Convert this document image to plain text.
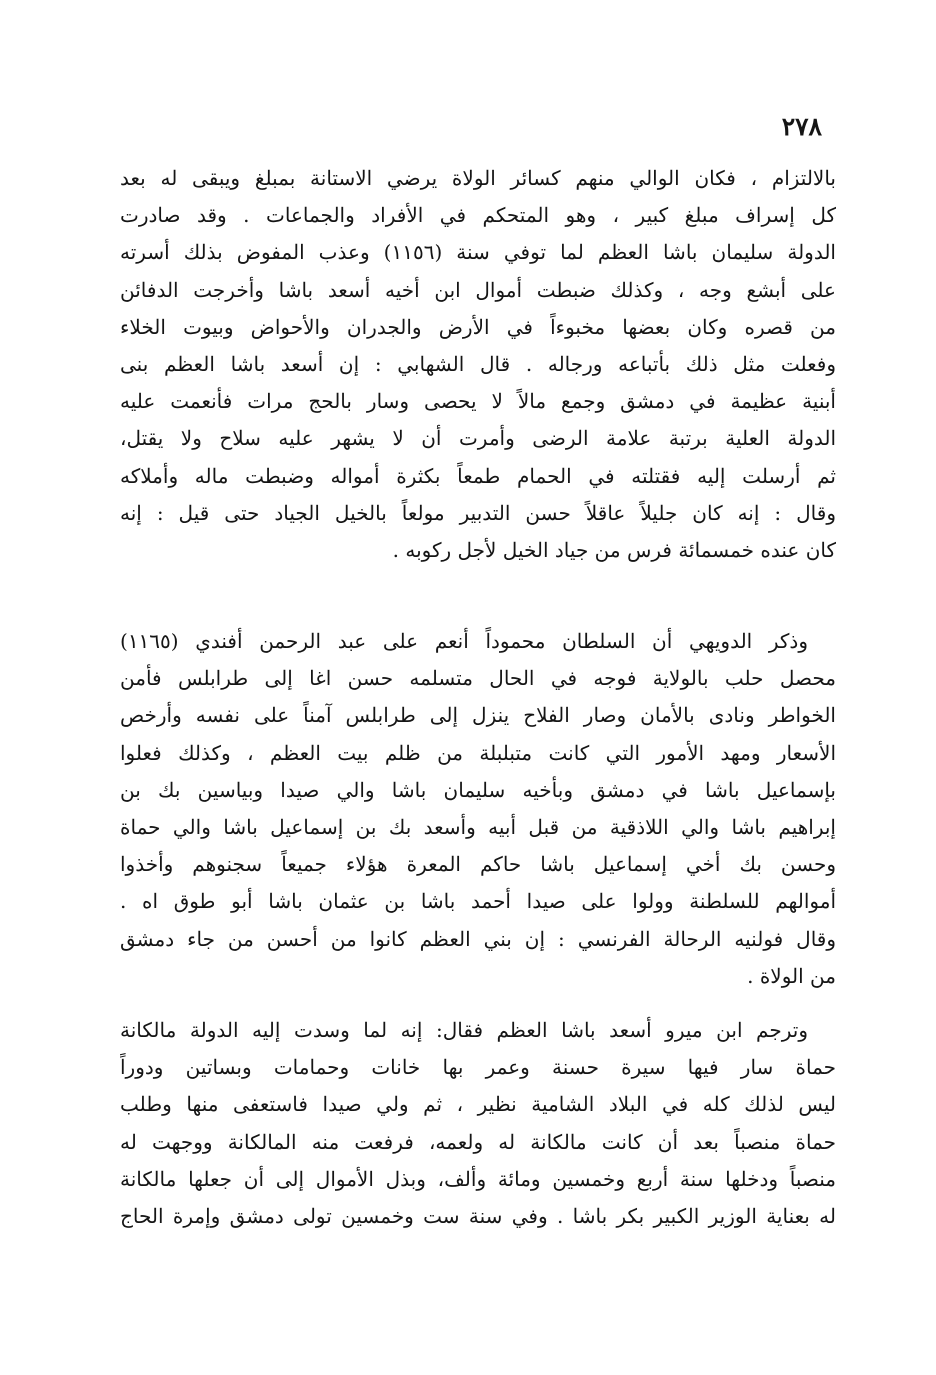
٢٧٨
بالالتزام ، فكان الوالي منهم كسائر الولاة يرضي الاستانة بمبلغ ويبقى له بعد
كل إسراف مبلغ كبير ، وهو المتحكم في الأفراد والجماعات . وقد صادرت
الدولة سليمان باشا العظم لما توفي سنة (١١٥٦) وعذب المفوض بذلك أسرته
على أبشع وجه ، وكذلك ضبطت أموال ابن أخيه أسعد باشا وأخرجت الدفائن
من قصره وكان بعضها مخبوءاً في الأرض والجدران والأحواض وبيوت الخلاء
وفعلت مثل ذلك بأتباعه ورجاله . قال الشهابي : إن أسعد باشا العظم بنى
أبنية عظيمة في دمشق وجمع مالاً لا يحصى وسار بالحج مرات فأنعمت عليه
الدولة العلية برتبة علامة الرضى وأمرت أن لا يشهر عليه سلاح ولا يقتل،
ثم أرسلت إليه فقتلته في الحمام طمعاً بكثرة أمواله وضبطت ماله وأملاكه
وقال : إنه كان جليلاً عاقلاً حسن التدبير مولعاً بالخيل الجياد حتى قيل : إنه
كان عنده خمسمائة فرس من جياد الخيل لأجل ركوبه .
وذكر الدويهي أن السلطان محموداً أنعم على عبد الرحمن أفندي (١١٦٥)
محصل حلب بالولاية فوجه في الحال متسلمه حسن اغا إلى طرابلس فأمن
الخواطر ونادى بالأمان وصار الفلاح ينزل إلى طرابلس آمناً على نفسه وأرخص
الأسعار ومهد الأمور التي كانت متبلبلة من ظلم بيت العظم ، وكذلك فعلوا
بإسماعيل باشا في دمشق وبأخيه سليمان باشا والي صيدا وبياسين بك بن
إبراهيم باشا والي اللاذقية من قبل أبيه وأسعد بك بن إسماعيل باشا والي حماة
وحسن بك أخي إسماعيل باشا حاكم المعرة هؤلاء جميعاً سجنوهم وأخذوا
أموالهم للسلطنة وولوا على صيدا أحمد باشا بن عثمان باشا أبو طوق اه .
وقال فولنيه الرحالة الفرنسي : إن بني العظم كانوا من أحسن من جاء دمشق
من الولاة .
وترجم ابن ميرو أسعد باشا العظم فقال: إنه لما وسدت إليه الدولة مالكانة
حماة سار فيها سيرة حسنة وعمر بها خانات وحمامات وبساتين ودوراً
ليس لذلك كله في البلاد الشامية نظير ، ثم ولي صيدا فاستعفى منها وطلب
حماة منصباً بعد أن كانت مالكانة له ولعمه، فرفعت منه المالكانة ووجهت له
منصباً ودخلها سنة أربع وخمسين ومائة وألف، وبذل الأموال إلى أن جعلها مالكانة
له بعناية الوزير الكبير بكر باشا . وفي سنة ست وخمسين تولى دمشق وإمرة الحاج
